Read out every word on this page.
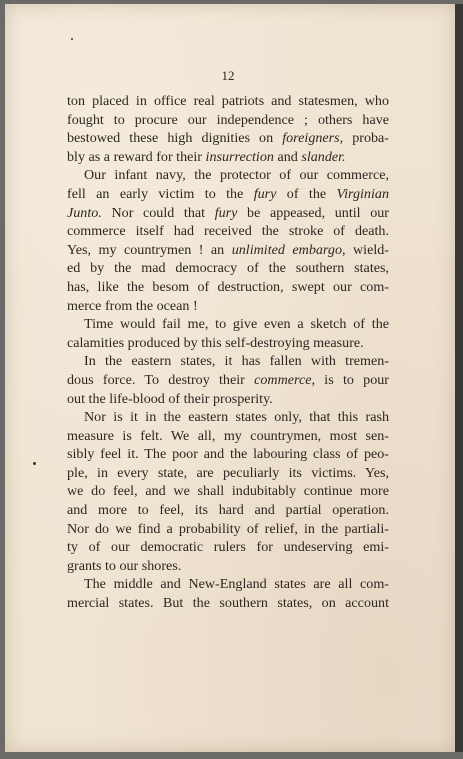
12
ton placed in office real patriots and statesmen, who
fought to procure our independence ; others have
bestowed these high dignities on foreigners, proba-
bly as a reward for their insurrection and slander.
Our infant navy, the protector of our commerce,
fell an early victim to the fury of the Virginian
Junto. Nor could that fury be appeased, until our
commerce itself had received the stroke of death.
Yes, my countrymen ! an unlimited embargo, wield-
ed by the mad democracy of the southern states,
has, like the besom of destruction, swept our com-
merce from the ocean !
Time would fail me, to give even a sketch of the
calamities produced by this self-destroying measure.
In the eastern states, it has fallen with tremen-
dous force. To destroy their commerce, is to pour
out the life-blood of their prosperity.
Nor is it in the eastern states only, that this rash
measure is felt. We all, my countrymen, most sen-
sibly feel it. The poor and the labouring class of peo-
ple, in every state, are peculiarly its victims. Yes,
we do feel, and we shall indubitably continue more
and more to feel, its hard and partial operation.
Nor do we find a probability of relief, in the partiali-
ty of our democratic rulers for undeserving emi-
grants to our shores.
The middle and New-England states are all com-
mercial states. But the southern states, on account
